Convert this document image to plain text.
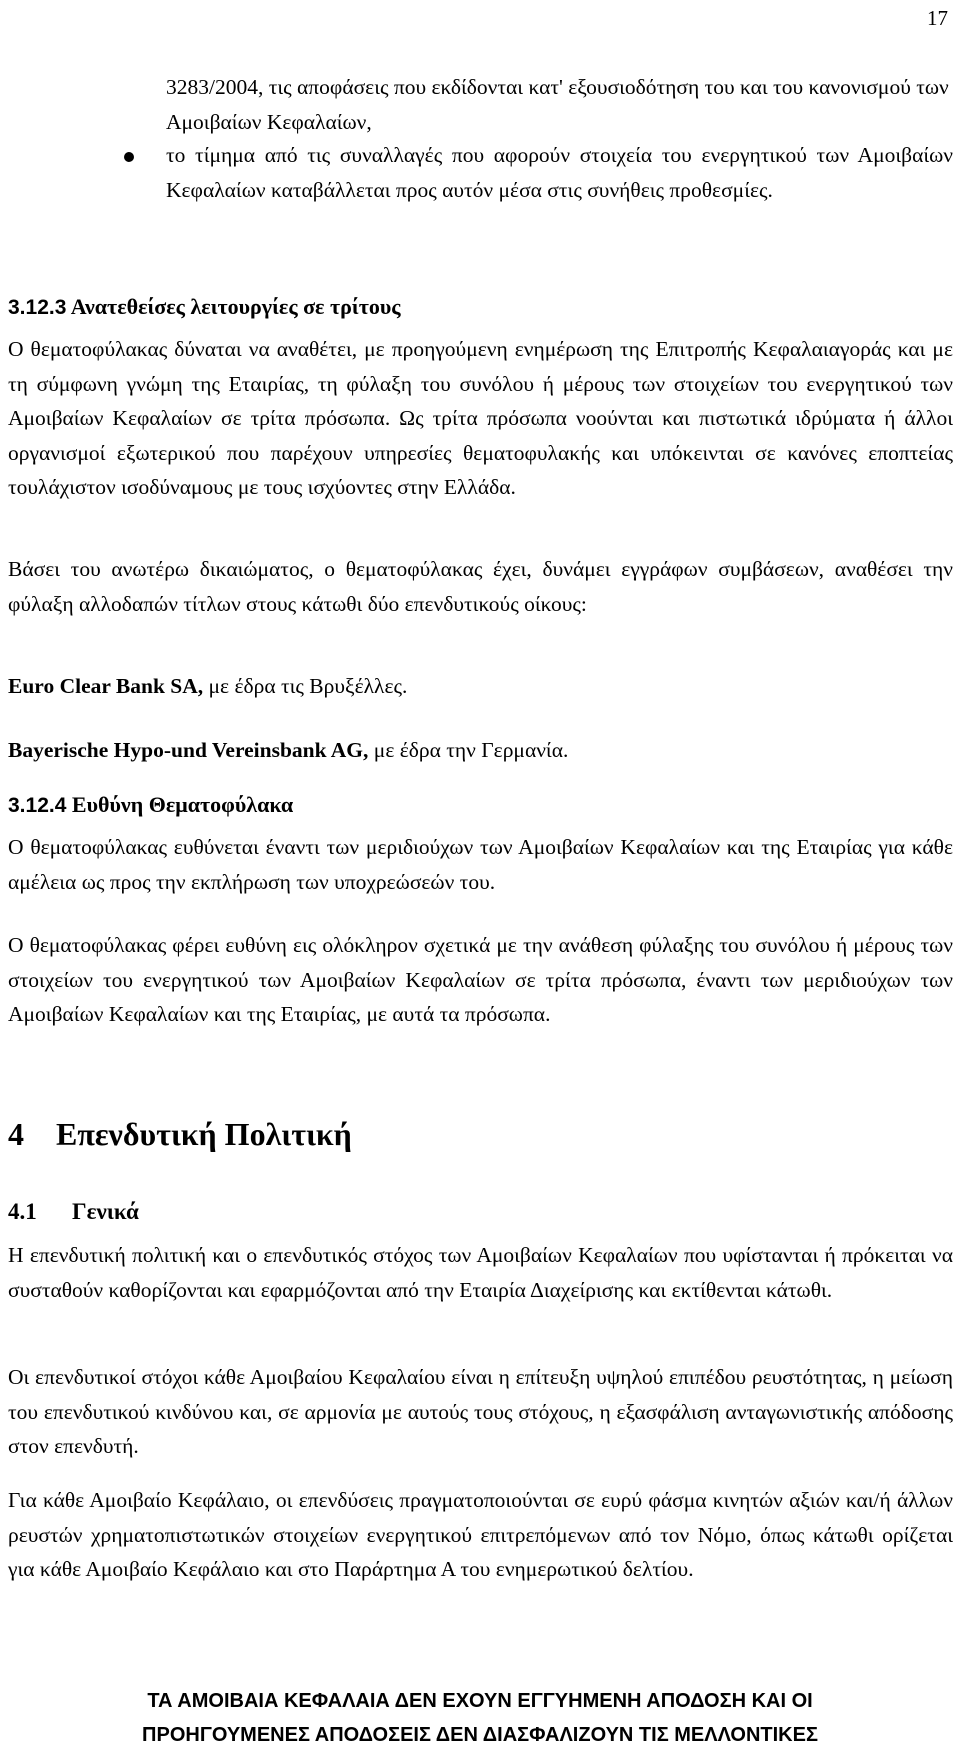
17

3283/2004, τις αποφάσεις που εκδίδονται κατ' εξουσιοδότηση του και του κανονισμού των Αμοιβαίων Κεφαλαίων,

το τίμημα από τις συναλλαγές που αφορούν στοιχεία του ενεργητικού των Αμοιβαίων Κεφαλαίων καταβάλλεται προς αυτόν μέσα στις συνήθεις προθεσμίες.

3.12.3 Ανατεθείσες λειτουργίες σε τρίτους

Ο θεματοφύλακας δύναται να αναθέτει, με προηγούμενη ενημέρωση της Επιτροπής Κεφαλαιαγοράς και με τη σύμφωνη γνώμη της Εταιρίας, τη φύλαξη του συνόλου ή μέρους των στοιχείων του ενεργητικού των Αμοιβαίων Κεφαλαίων σε τρίτα πρόσωπα. Ως τρίτα πρόσωπα νοούνται και πιστωτικά ιδρύματα ή άλλοι οργανισμοί εξωτερικού που παρέχουν υπηρεσίες θεματοφυλακής και υπόκεινται σε κανόνες εποπτείας τουλάχιστον ισοδύναμους με τους ισχύοντες στην Ελλάδα.

Βάσει του ανωτέρω δικαιώματος, ο θεματοφύλακας έχει, δυνάμει εγγράφων συμβάσεων, αναθέσει την φύλαξη αλλοδαπών τίτλων στους κάτωθι δύο επενδυτικούς οίκους:

Euro Clear Bank SA, με έδρα τις Βρυξέλλες.

Bayerische Hypo-und Vereinsbank AG, με έδρα την Γερμανία.

3.12.4 Ευθύνη Θεματοφύλακα

Ο θεματοφύλακας ευθύνεται έναντι των μεριδιούχων των Αμοιβαίων Κεφαλαίων και της Εταιρίας για κάθε αμέλεια ως προς την εκπλήρωση των υποχρεώσεών του.

Ο θεματοφύλακας φέρει ευθύνη εις ολόκληρον σχετικά με την ανάθεση φύλαξης του συνόλου ή μέρους των στοιχείων του ενεργητικού των Αμοιβαίων Κεφαλαίων σε τρίτα πρόσωπα, έναντι των μεριδιούχων των Αμοιβαίων Κεφαλαίων και της Εταιρίας, με αυτά τα πρόσωπα.

4 Επενδυτική Πολιτική
4.1 Γενικά

Η επενδυτική πολιτική και ο επενδυτικός στόχος των Αμοιβαίων Κεφαλαίων που υφίστανται ή πρόκειται να συσταθούν καθορίζονται και εφαρμόζονται από την Εταιρία Διαχείρισης και εκτίθενται κάτωθι.

Οι επενδυτικοί στόχοι κάθε Αμοιβαίου Κεφαλαίου είναι η επίτευξη υψηλού επιπέδου ρευστότητας, η μείωση του επενδυτικού κινδύνου και, σε αρμονία με αυτούς τους στόχους, η εξασφάλιση ανταγωνιστικής απόδοσης στον επενδυτή.

Για κάθε Αμοιβαίο Κεφάλαιο, οι επενδύσεις πραγματοποιούνται σε ευρύ φάσμα κινητών αξιών και/ή άλλων ρευστών χρηματοπιστωτικών στοιχείων ενεργητικού επιτρεπόμενων από τον Νόμο, όπως κάτωθι ορίζεται για κάθε Αμοιβαίο Κεφάλαιο και στο Παράρτημα Α του ενημερωτικού δελτίου.

ΤΑ ΑΜΟΙΒΑΙΑ ΚΕΦΑΛΑΙΑ ΔΕΝ ΕΧΟΥΝ ΕΓΓΥΗΜΕΝΗ ΑΠΟΔΟΣΗ ΚΑΙ ΟΙ
ΠΡΟΗΓΟΥΜΕΝΕΣ ΑΠΟΔΟΣΕΙΣ ΔΕΝ ΔΙΑΣΦΑΛΙΖΟΥΝ ΤΙΣ ΜΕΛΛΟΝΤΙΚΕΣ
